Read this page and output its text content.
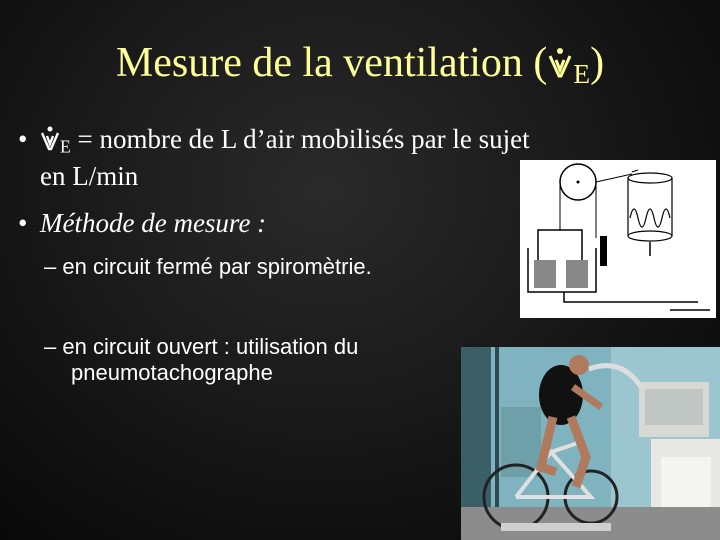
Mesure de la ventilation ( $_E$)
• $_E$ = nombre de L d’air mobilisés par le sujet
en L/min
• Méthode de mesure :
– en circuit fermé par spiromètrie.
– en circuit ouvert : utilisation du
pneumotachographe
